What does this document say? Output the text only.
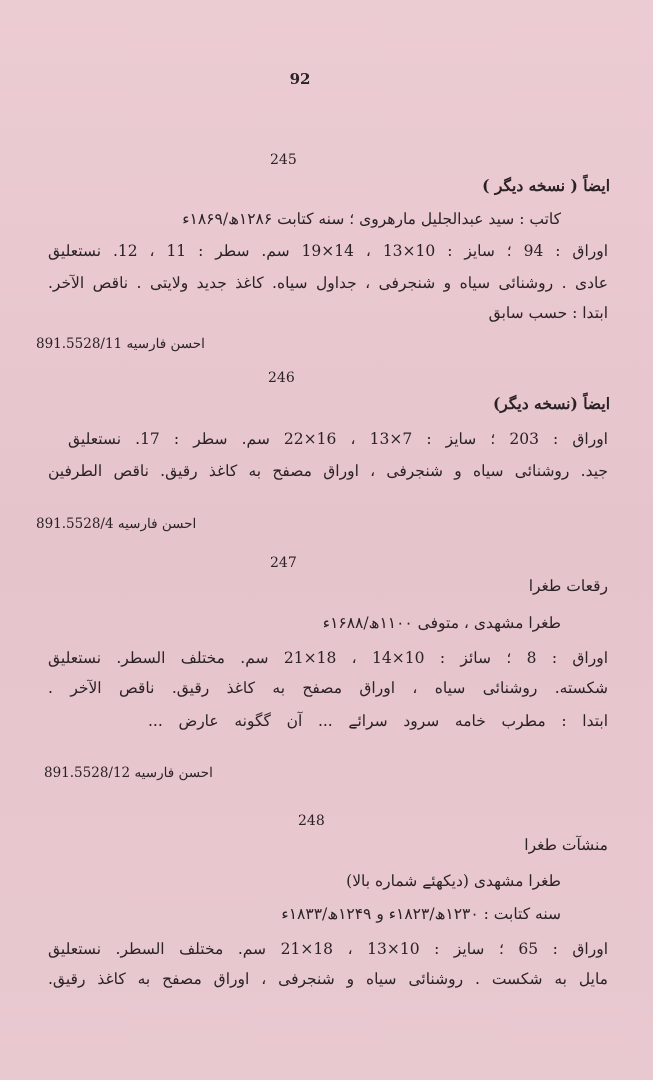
92
245
ایضاً ( نسخه دیگر )
کاتب : سید عبدالجلیل مارهروی ؛ سنه کتابت ۱۲۸۶ھ/۱۸۶۹ء
اوراق : 94 ؛ سایز : 10×13 ، 14×19 سم. سطر : 11 ، 12. نستعلیق
عادی . روشنائی سیاه و شنجرفی ، جداول سیاه. کاغذ جدید ولایتی . ناقص الآخر.
ابتدا : حسب سابق
احسن فارسیه 891.5528/11
246
ایضاً (نسخه دیگر)
اوراق : 203 ؛ سایز : 7×13 ، 16×22 سم. سطر : 17. نستعلیق
جید. روشنائی سیاه و شنجرفی ، اوراق مصفح به کاغذ رقیق. ناقص الطرفین
احسن فارسیه 891.5528/4
247
رقعات طغرا
طغرا مشهدی ، متوفی ۱۱۰۰ھ/۱۶۸۸ء
اوراق : 8 ؛ سائز : 10×14 ، 18×21 سم. مختلف السطر. نستعلیق
شکسته. روشنائی سیاه ، اوراق مصفح به کاغذ رقیق. ناقص الآخر .
ابتدا : مطرب خامه سرود سرائے ... آن گگونه عارض ...
احسن فارسیه 891.5528/12
248
منشآت طغرا
طغرا مشهدی (دیکھئے شماره بالا)
سنه کتابت : ۱۲۳۰ھ/۱۸۲۳ء و ۱۲۴۹ھ/۱۸۳۳ء
اوراق : 65 ؛ سایز : 10×13 ، 18×21 سم. مختلف السطر. نستعلیق
مایل به شکست . روشنائی سیاه و شنجرفی ، اوراق مصفح به کاغذ رقیق.
